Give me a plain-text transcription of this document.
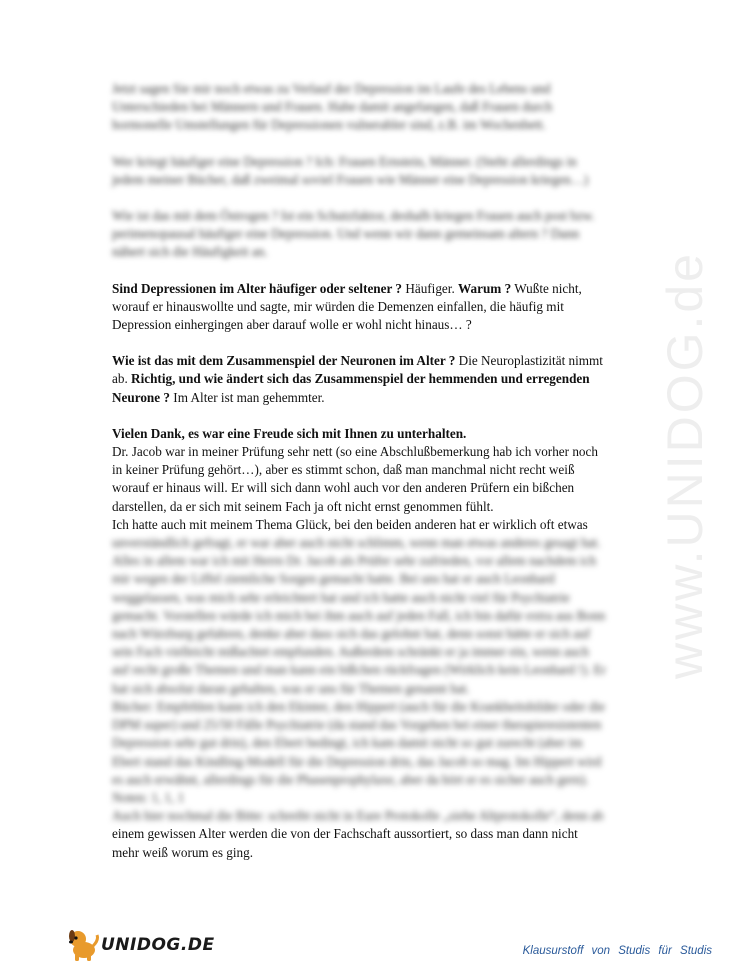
www.UNIDOG.de

Jetzt sagen Sie mir noch etwas zu Verlauf der Depression im Laufe des Lebens und Unterschieden bei Männern und Frauen. Habe damit angefangen, daß Frauen durch hormonelle Umstellungen für Depressionen vulnerabler sind, z.B. im Wochenbett.

Wer kriegt häufiger eine Depression ? Ich: Frauen Ernstein, Männer. (Steht allerdings in jedem meiner Bücher, daß zweimal soviel Frauen wie Männer eine Depression kriegen…)

Wie ist das mit dem Östrogen ? Ist ein Schutzfaktor, deshalb kriegen Frauen auch post bzw. perimenopausal häufiger eine Depression. Und wenn wir dann gemeinsam altern ? Dann nähert sich die Häufigkeit an.

Sind Depressionen im Alter häufiger oder seltener ? Häufiger. Warum ? Wußte nicht, worauf er hinauswollte und sagte, mir würden die Demenzen einfallen, die häufig mit Depression einhergingen aber darauf wolle er wohl nicht hinaus… ?

Wie ist das mit dem Zusammenspiel der Neuronen im Alter ? Die Neuroplastizität nimmt ab. Richtig, und wie ändert sich das Zusammenspiel der hemmenden und erregenden Neurone ? Im Alter ist man gehemmter.

Vielen Dank, es war eine Freude sich mit Ihnen zu unterhalten.
Dr. Jacob war in meiner Prüfung sehr nett (so eine Abschlußbemerkung hab ich vorher noch in keiner Prüfung gehört…), aber es stimmt schon, daß man manchmal nicht recht weiß worauf er hinaus will. Er will sich dann wohl auch vor den anderen Prüfern ein bißchen darstellen, da er sich mit seinem Fach ja oft nicht ernst genommen fühlt.
Ich hatte auch mit meinem Thema Glück, bei den beiden anderen hat er wirklich oft etwas

unverständlich gefragt, er war aber auch nicht schlimm, wenn man etwas anderes gesagt hat. Alles in allem war ich mit Herrn Dr. Jacob als Prüfer sehr zufrieden, vor allem nachdem ich mir wegen der Liffel ziemliche Sorgen gemacht hatte. Bei uns hat er auch Leonhard weggelassen, was mich sehr erleichtert hat und ich hatte auch nicht viel für Psychiatrie gemacht. Vorstellen würde ich mich bei ihm auch auf jeden Fall, ich bin dafür extra aus Bonn nach Würzburg gefahren, denke aber dass sich das gelohnt hat, denn sonst hätte er sich auf sein Fach vielleicht mißachtet empfunden. Außerdem schränkt er ja immer ein, wenn auch auf recht große Themen und man kann ein bißchen rückfragen (Wirklich kein Leonhard !). Er hat sich absolut daran gehalten, was er uns für Themen genannt hat.

Bücher: Empfehlen kann ich den Ekinter, den Hippert (auch für die Krankheitsbilder oder die DPM super) und 25/50 Fälle Psychiatrie (da stand das Vorgehen bei einer therapieresistenten Depression sehr gut drin), den Ebert bedingt, ich kam damit nicht so gut zurecht (aber im Ebert stand das Kindling-Modell für die Depression drin, das Jacob so mag. Im Hippert wird es auch erwähnt, allerdings für die Phasenprophylaxe, aber da hört er es sicher auch gern).

Noten: 1, 1, 1

Auch hier nochmal die Bitte: schreibt nicht in Eure Protokolle „siehe Altprotokolle“, denn ab
einem gewissen Alter werden die von der Fachschaft aussortiert, so dass man dann nicht mehr weiß worum es ging.

UNIDOG.DE	Klausurstoff von Studis für Studis
